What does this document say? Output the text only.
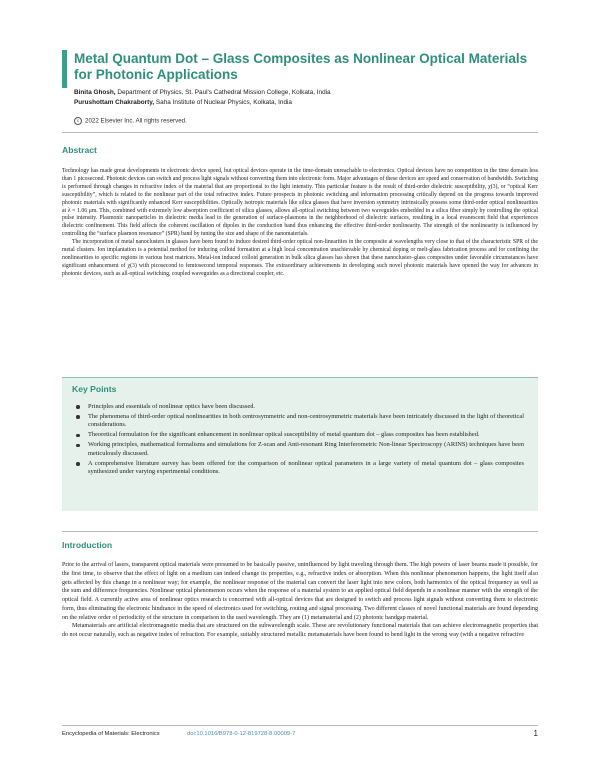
Metal Quantum Dot – Glass Composites as Nonlinear Optical Materials for Photonic Applications
Binita Ghosh, Department of Physics, St. Paul's Cathedral Mission College, Kolkata, India
Purushottam Chakraborty, Saha Institute of Nuclear Physics, Kolkata, India
c 2022 Elsevier Inc. All rights reserved.
Abstract

Technology has made great developments in electronic device speed, but optical devices operate in the time-domain unreachable to electronics. Optical devices have no competition in the time domain less than 1 picosecond. Photonic devices can switch and process light signals without converting them into electronic form. Major advantages of these devices are speed and conservation of bandwidth. Switching is performed through changes in refractive index of the material that are proportional to the light intensity. This particular feature is the result of third-order dielectric susceptibility, χ(3), or “optical Kerr susceptibility”, which is related to the nonlinear part of the total refractive index. Future prospects in photonic switching and information processing critically depend on the progress towards improved photonic materials with significantly enhanced Kerr susceptibilities. Optically isotropic materials like silica glasses that have inversion symmetry intrinsically possess some third-order optical nonlinearities at λ = 1.06 μm. This, combined with extremely low absorption coefficient of silica glasses, allows all-optical switching between two waveguides embedded in a silica fiber simply by controlling the optical pulse intensity. Plasmonic nanoparticles in dielectric media lead to the generation of surface-plasmons in the neighborhood of dielectric surfaces, resulting in a local evanescent field that experiences dielectric confinement. This field affects the coherent oscillation of dipoles in the conduction band thus enhancing the effective third-order nonlinearity. The strength of the nonlinearity is influenced by controlling the “surface plasmon resonance” (SPR) band by tuning the size and shape of the nanomaterials.

The incorporation of metal nanoclusters in glasses have been found to induce desired third-order optical non-linearities in the composite at wavelengths very close to that of the characteristic SPR of the metal clusters. Ion implantation is a potential method for inducing colloid formation at a high local concentration unachievable by chemical doping or melt-glass fabrication process and for confining the nonlinearities to specific regions in various host matrices. Metal-ion induced colloid generation in bulk silica glasses has shown that these nanocluster–glass composites under favorable circumstances have significant enhancement of χ(3) with picosecond to femtosecond temporal responses. The extraordinary achievements in developing such novel photonic materials have opened the way for advances in photonic devices, such as all-optical switching, coupled waveguides as a directional coupler, etc.

Key Points
Principles and essentials of nonlinear optics have been discussed.
The phenomena of third-order optical nonlinearities in both centrosymmetric and non-centrosymmetric materials have been intricately discussed in the light of theoretical considerations.
Theoretical formulation for the significant enhancement in nonlinear optical susceptibility of metal quantum dot – glass composites has been established.
Working principles, mathematical formalisms and simulations for Z-scan and Anti-resonant Ring Interferometric Non-linear Spectroscopy (ARINS) techniques have been meticulously discussed.
A comprehensive literature survey has been offered for the comparison of nonlinear optical parameters in a large variety of metal quantum dot – glass composites synthesized under varying experimental conditions.
Introduction

Prior to the arrival of lasers, transparent optical materials were presumed to be basically passive, uninfluenced by light traveling through them. The high powers of laser beams made it possible, for the first time, to observe that the effect of light on a medium can indeed change its properties, e.g., refractive index or absorption. When this nonlinear phenomenon happens, the light itself also gets affected by this change in a nonlinear way; for example, the nonlinear response of the material can convert the laser light into new colors, both harmonics of the optical frequency as well as the sum and difference frequencies. Nonlinear optical phenomenon occurs when the response of a material system to an applied optical field depends in a nonlinear manner with the strength of the optical field. A currently active area of nonlinear optics research is concerned with all-optical devices that are designed to switch and process light signals without converting them to electronic form, thus eliminating the electronic hindrance in the speed of electronics used for switching, routing and signal processing. Two different classes of novel functional materials are found depending on the relative order of periodicity of the structure in comparison to the used wavelength. They are (1) metamaterial and (2) photonic bandgap material.

Metamaterials are artificial electromagnetic media that are structured on the subwavelength scale. These are revolutionary functional materials that can achieve electromagnetic properties that do not occur naturally, such as negative index of refraction. For example, suitably structured metallic metamaterials have been found to bend light in the wrong way (with a negative refractive

Encyclopedia of Materials: Electronics	doi:10.1016/B978-0-12-819728-8.00009-7	1
